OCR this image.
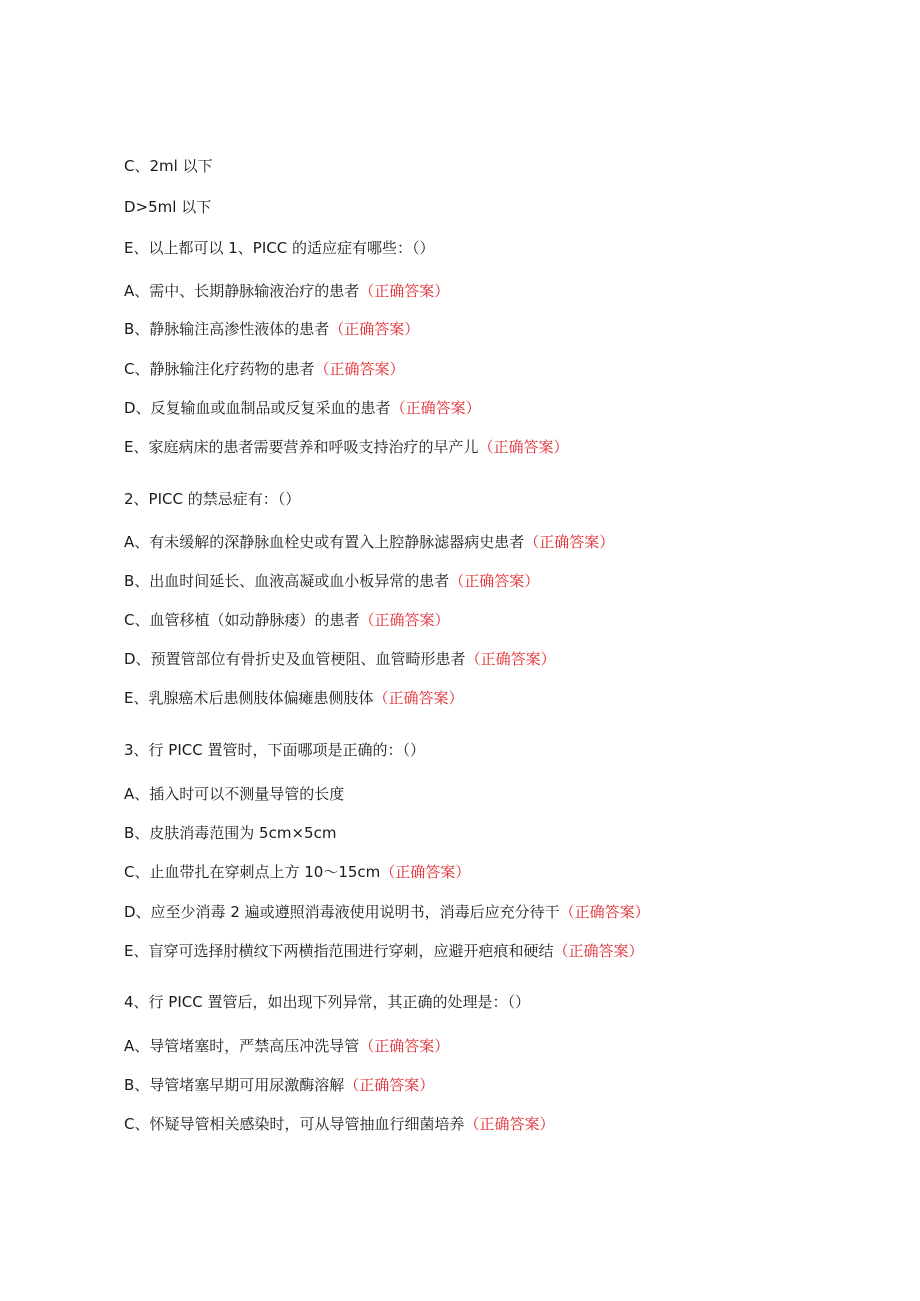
C、2ml 以下
D>5ml 以下
E、以上都可以 1、PICC 的适应症有哪些：（）
A、需中、长期静脉输液治疗的患者（正确答案）
B、静脉输注高渗性液体的患者（正确答案）
C、静脉输注化疗药物的患者（正确答案）
D、反复输血或血制品或反复采血的患者（正确答案）
E、家庭病床的患者需要营养和呼吸支持治疗的早产儿（正确答案）
2、PICC 的禁忌症有：（）
A、有未缓解的深静脉血栓史或有置入上腔静脉滤器病史患者（正确答案）
B、出血时间延长、血液高凝或血小板异常的患者（正确答案）
C、血管移植（如动静脉瘘）的患者（正确答案）
D、预置管部位有骨折史及血管梗阻、血管畸形患者（正确答案）
E、乳腺癌术后患侧肢体偏瘫患侧肢体（正确答案）
3、行 PICC 置管时，下面哪项是正确的：（）
A、插入时可以不测量导管的长度
B、皮肤消毒范围为 5cm×5cm
C、止血带扎在穿刺点上方 10～15cm（正确答案）
D、应至少消毒 2 遍或遵照消毒液使用说明书，消毒后应充分待干（正确答案）
E、盲穿可选择肘横纹下两横指范围进行穿刺，应避开疤痕和硬结（正确答案）
4、行 PICC 置管后，如出现下列异常，其正确的处理是：（）
A、导管堵塞时，严禁高压冲洗导管（正确答案）
B、导管堵塞早期可用尿激酶溶解（正确答案）
C、怀疑导管相关感染时，可从导管抽血行细菌培养（正确答案）
